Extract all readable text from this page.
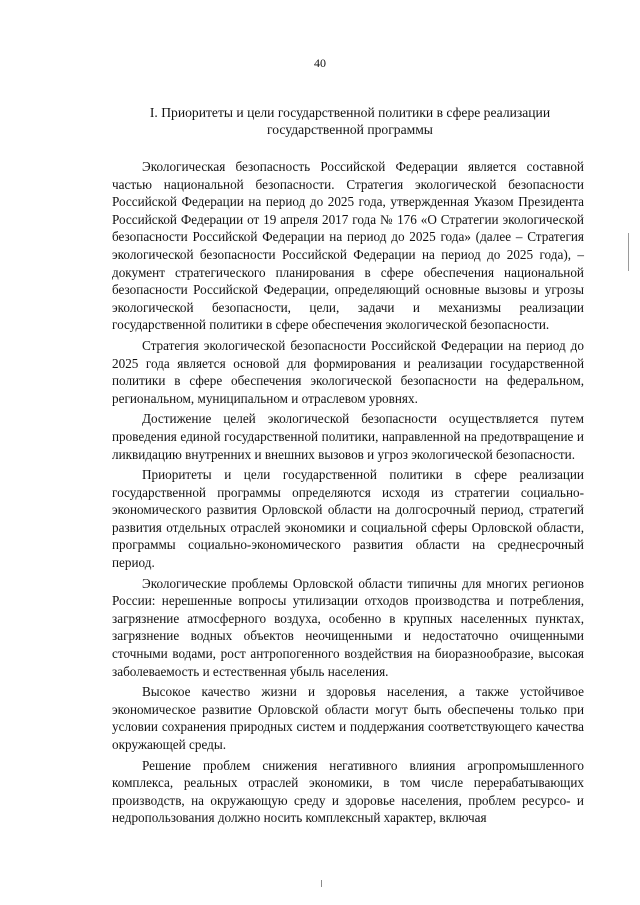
40
I. Приоритеты и цели государственной политики в сфере реализации государственной программы

Экологическая безопасность Российской Федерации является составной частью национальной безопасности. Стратегия экологической безопасности Российской Федерации на период до 2025 года, утвержденная Указом Президента Российской Федерации от 19 апреля 2017 года № 176 «О Стратегии экологической безопасности Российской Федерации на период до 2025 года» (далее – Стратегия экологической безопасности Российской Федерации на период до 2025 года), – документ стратегического планирования в сфере обеспечения национальной безопасности Российской Федерации, определяющий основные вызовы и угрозы экологической безопасности, цели, задачи и механизмы реализации государственной политики в сфере обеспечения экологической безопасности.

Стратегия экологической безопасности Российской Федерации на период до 2025 года является основой для формирования и реализации государственной политики в сфере обеспечения экологической безопасности на федеральном, региональном, муниципальном и отраслевом уровнях.

Достижение целей экологической безопасности осуществляется путем проведения единой государственной политики, направленной на предотвращение и ликвидацию внутренних и внешних вызовов и угроз экологической безопасности.

Приоритеты и цели государственной политики в сфере реализации государственной программы определяются исходя из стратегии социально-экономического развития Орловской области на долгосрочный период, стратегий развития отдельных отраслей экономики и социальной сферы Орловской области, программы социально-экономического развития области на среднесрочный период.

Экологические проблемы Орловской области типичны для многих регионов России: нерешенные вопросы утилизации отходов производства и потребления, загрязнение атмосферного воздуха, особенно в крупных населенных пунктах, загрязнение водных объектов неочищенными и недостаточно очищенными сточными водами, рост антропогенного воздействия на биоразнообразие, высокая заболеваемость и естественная убыль населения.

Высокое качество жизни и здоровья населения, а также устойчивое экономическое развитие Орловской области могут быть обеспечены только при условии сохранения природных систем и поддержания соответствующего качества окружающей среды.

Решение проблем снижения негативного влияния агропромышленного комплекса, реальных отраслей экономики, в том числе перерабатывающих производств, на окружающую среду и здоровье населения, проблем ресурсо- и недропользования должно носить комплексный характер, включая
